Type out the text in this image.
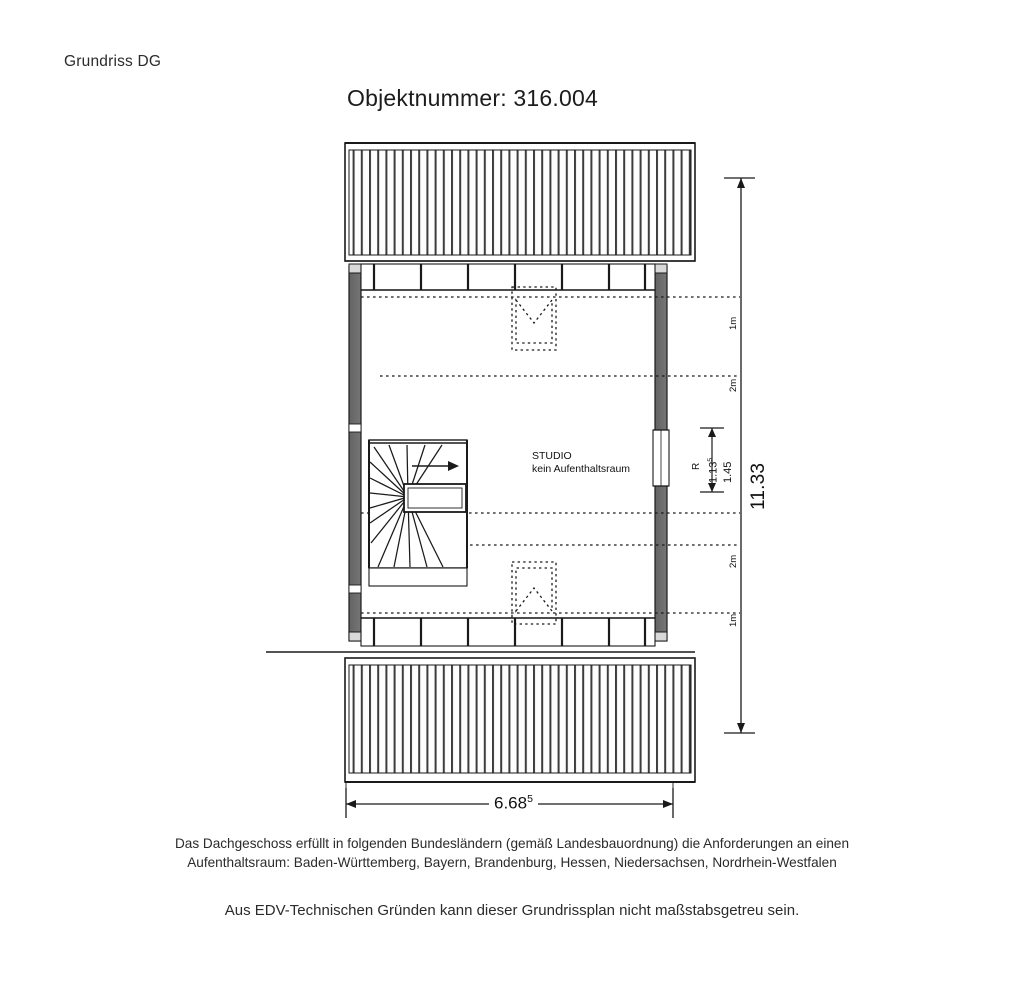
Grundriss DG
Objektnummer: 316.004
STUDIO
kein Aufenthaltsraum
1m
2m
2m
1m
R 1.13$^5$
1.45 11.33
6.68$^5$
Das Dachgeschoss erfüllt in folgenden Bundesländern (gemäß Landesbauordnung) die Anforderungen an einen
Aufenthaltsraum: Baden-Württemberg, Bayern, Brandenburg, Hessen, Niedersachsen, Nordrhein-Westfalen
Aus EDV-Technischen Gründen kann dieser Grundrissplan nicht maßstabsgetreu sein.
